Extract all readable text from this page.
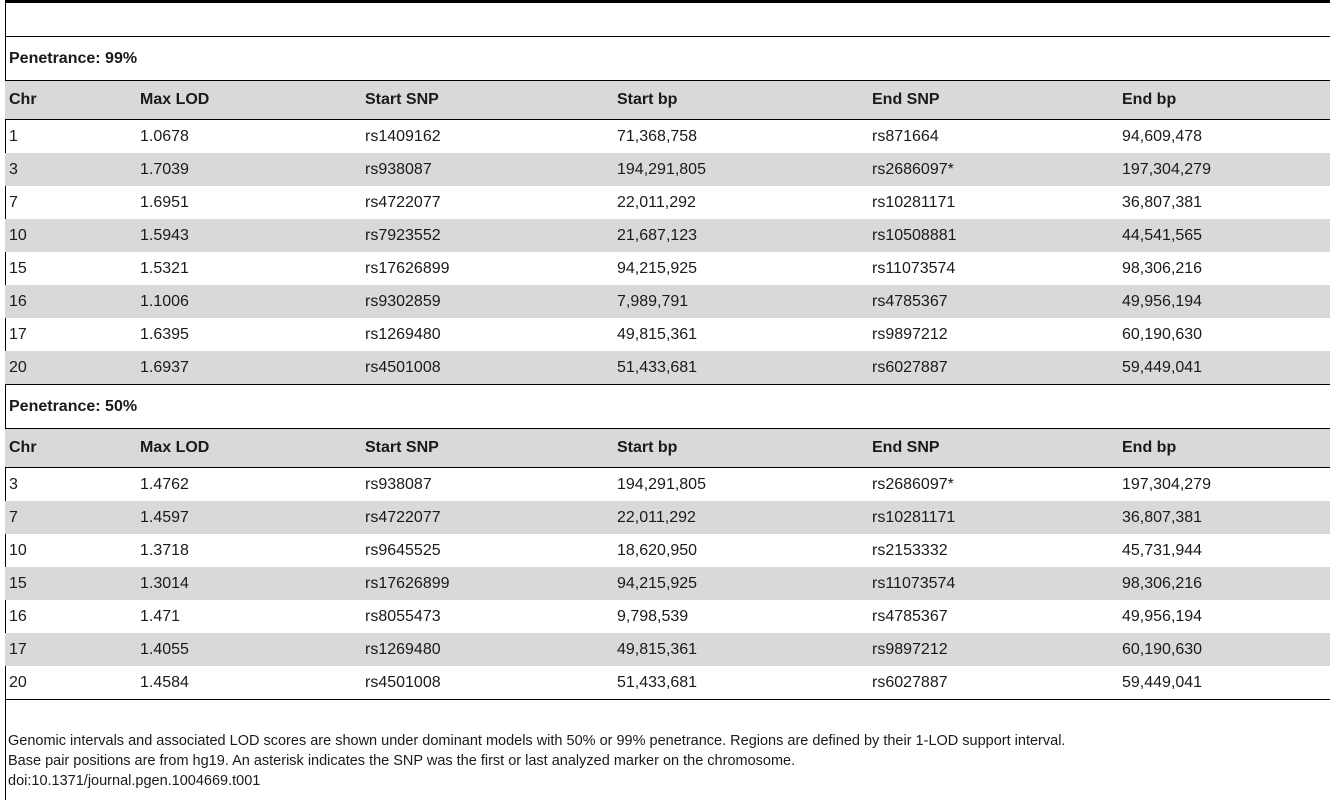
Penetrance: 99%					
Chr	Max LOD	Start SNP	Start bp	End SNP	End bp
1	1.0678	rs1409162	71,368,758	rs871664	94,609,478
3	1.7039	rs938087	194,291,805	rs2686097*	197,304,279
7	1.6951	rs4722077	22,011,292	rs10281171	36,807,381
10	1.5943	rs7923552	21,687,123	rs10508881	44,541,565
15	1.5321	rs17626899	94,215,925	rs11073574	98,306,216
16	1.1006	rs9302859	7,989,791	rs4785367	49,956,194
17	1.6395	rs1269480	49,815,361	rs9897212	60,190,630
20	1.6937	rs4501008	51,433,681	rs6027887	59,449,041
Penetrance: 50%					
Chr	Max LOD	Start SNP	Start bp	End SNP	End bp
3	1.4762	rs938087	194,291,805	rs2686097*	197,304,279
7	1.4597	rs4722077	22,011,292	rs10281171	36,807,381
10	1.3718	rs9645525	18,620,950	rs2153332	45,731,944
15	1.3014	rs17626899	94,215,925	rs11073574	98,306,216
16	1.471	rs8055473	9,798,539	rs4785367	49,956,194
17	1.4055	rs1269480	49,815,361	rs9897212	60,190,630
20	1.4584	rs4501008	51,433,681	rs6027887	59,449,041
Genomic intervals and associated LOD scores are shown under dominant models with 50% or 99% penetrance. Regions are defined by their 1-LOD support interval.
Base pair positions are from hg19. An asterisk indicates the SNP was the first or last analyzed marker on the chromosome.
doi:10.1371/journal.pgen.1004669.t001
